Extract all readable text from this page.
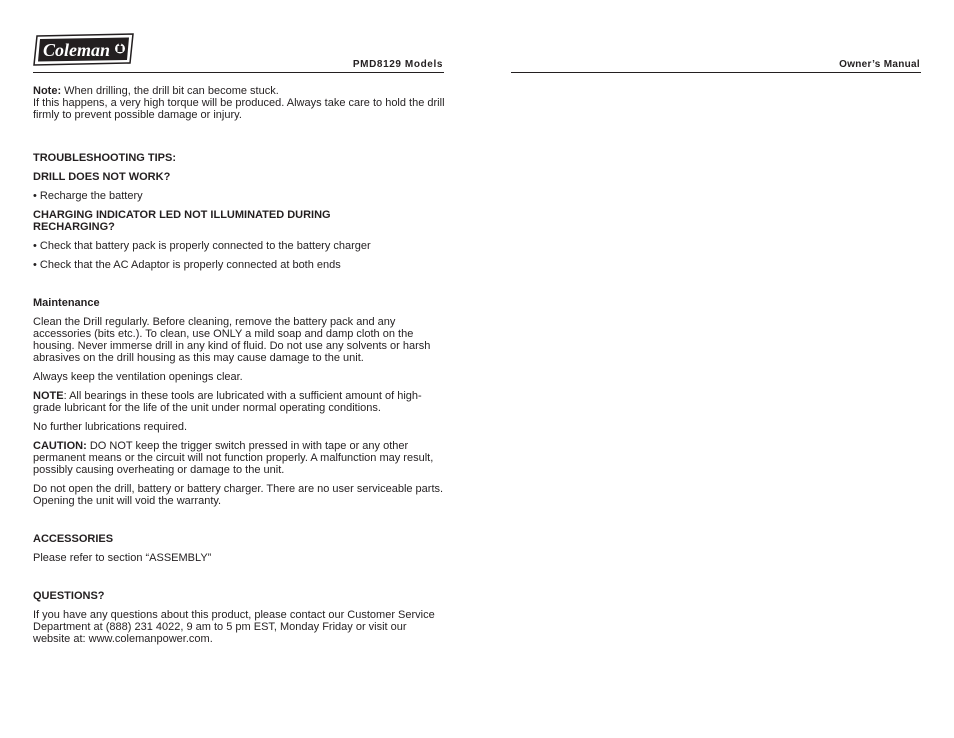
Coleman
PMD8129 Models	Owner’s Manual

Note: When drilling, the drill bit can become stuck.

If this happens, a very high torque will be produced. Always take care to hold the drill firmly to prevent possible damage or injury.

TROUBLESHOOTING TIPS:

DRILL DOES NOT WORK?

• Recharge the battery

CHARGING INDICATOR LED NOT ILLUMINATED DURING RECHARGING?

• Check that battery pack is properly connected to the battery charger

• Check that the AC Adaptor is properly connected at both ends

Maintenance

Clean the Drill regularly. Before cleaning, remove the battery pack and any accessories (bits etc.). To clean, use ONLY a mild soap and damp cloth on the housing. Never immerse drill in any kind of fluid. Do not use any solvents or harsh abrasives on the drill housing as this may cause damage to the unit.

Always keep the ventilation openings clear.

NOTE: All bearings in these tools are lubricated with a sufficient amount of high-grade lubricant for the life of the unit under normal operating conditions.

No further lubrications required.

CAUTION: DO NOT keep the trigger switch pressed in with tape or any other permanent means or the circuit will not function properly. A malfunction may result, possibly causing overheating or damage to the unit.

Do not open the drill, battery or battery charger. There are no user serviceable parts. Opening the unit will void the warranty.

ACCESSORIES

Please refer to section “ASSEMBLY”

QUESTIONS?

If you have any questions about this product, please contact our Customer Service Department at (888) 231 4022, 9 am to 5 pm EST, Monday Friday or visit our website at: www.colemanpower.com.
